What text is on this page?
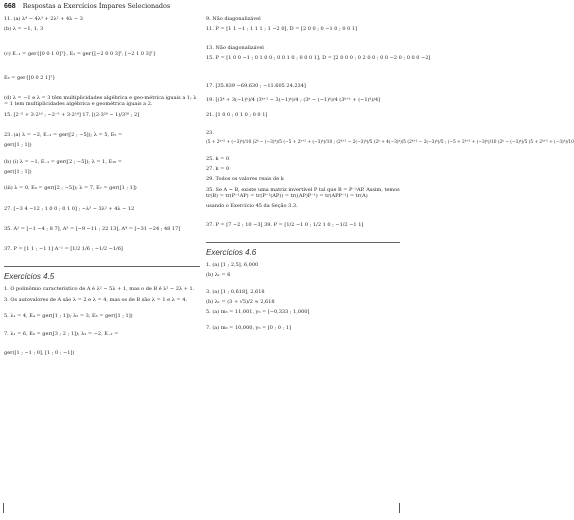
668 Respostas a Exercícios Ímpares Selecionados
11. (a) λ⁴ − 4λ³ + 2λ² + 4λ − 3
(b) λ = −1, 1, 3
(c) E₋₁ = ger{[0 0 1 0]ᵀ}, E₁ = ger{[−2 0 0 3]ᵀ, [−2 1 0 3]ᵀ}
E₃ = ger{[0 0 2 1]ᵀ}
(d) λ = −1 e λ = 3 têm multiplicidades algébrica e geo-métrica iguais a 1; λ = 1 tem multiplicidades algébrica e geométrica iguais a 2.
15. [2⁻⁵ + 3·2¹⁰ ; −2⁻⁵ + 3·2¹⁰] 17. [(2·3²⁰ − 1)/3²⁰ ; 2]
23. (a) λ = −2, E₋₂ = ger([2 ; −5]); λ = 5, E₅ =
ger([1 ; 1])
(b) (i) λ = −1, E₋₁ = ger([2 ; −5]); λ = 1, E₁₀ =
ger([1 ; 1])
(iii) λ = 0, E₀ = ger([2 ; −5]); λ = 7, E₇ = ger([1 ; 1])
27. [−3 4 −12 ; 1 0 0 ; 0 1 0] ; −λ³ − 3λ² + 4λ − 12
35. A² = [−1 −4 ; 8 7], A³ = [−9 −11 ; 22 13], A⁴ = [−31 −24 ; 48 17]
37. P = [1 1 ; −1 1] A⁻¹ = [1/2 1/6 ; −1/2 −1/6]
Exercícios 4.5
1. O polinômio característico de A é λ² − 5λ + 1, mas o de B é λ² − 2λ + 1.
3. Os autovalores de A são λ = 2 e λ = 4, mas os de B são λ = 1 e λ = 4.
5. λ₁ = 4, E₄ = ger([1 ; 1]); λ₂ = 3, E₃ = ger([1 ; 1])
7. λ₁ = 6, E₆ = ger([3 ; 2 ; 1]); λ₂ = −2, E₋₂ =
ger([1 ; −1 ; 0], [1 ; 0 ; −1])
9. Não diagonalizável
11. P = [1 1 −1 ; 1 1 1 ; 1 −2 0], D = [2 0 0 ; 0 −1 0 ; 0 0 1]
13. Não diagonalizável
15. P = [1 0 0 −1 ; 0 1 0 0 ; 0 0 1 0 ; 0 0 0 1], D = [2 0 0 0 ; 0 2 0 0 ; 0 0 −2 0 ; 0 0 0 −2]
17. [35.839 −69.630 ; −11.605 24.234]
19. [(3ᵏ + 3(−1)ᵏ)/4 (3ᵏ⁺¹ − 3(−1)ᵏ)/4 ; (3ᵏ − (−1)ᵏ)/4 (3ᵏ⁺¹ + (−1)ᵏ)/4]
21. [1 0 0 ; 0 1 0 ; 0 0 1]
23.
(5 + 2ᵏ⁺² + (−3)ᵏ)/10 (2ᵏ − (−3)ᵏ)/5 (−5 + 2ᵏ⁺² + (−3)ᵏ)/10 ; (2ᵏ⁺¹ − 2(−3)ᵏ)/5 (2ᵏ + 4(−3)ᵏ)/5 (2ᵏ⁺¹ − 2(−3)ᵏ)/5 ; (−5 + 2ᵏ⁺² + (−3)ᵏ)/10 (2ᵏ − (−3)ᵏ)/5 (5 + 2ᵏ⁺² + (−3)ᵏ)/10
25. k = 0
27. k = 0
29. Todos os valores reais de k
35. Se A ~ B, existe uma matriz invertível P tal que B = P⁻¹AP. Assim, temos tr(B) = tr(P⁻¹AP) = tr(P⁻¹(AP)) = tr((AP)P⁻¹) = tr(APP⁻¹) = tr(A)
usando o Exercício 45 da Seção 3.3.
37. P = [7 −2 ; 10 −3] 39. P = [1/2 −1 0 ; 1/2 1 0 ; −1/2 −1 1]
Exercícios 4.6
1. (a) [1 ; 2,5], 6,000
(b) λ₁ = 6
3. (a) [1 ; 0,618], 2,618
(b) λ₁ = (3 + √5)/2 ≈ 2,618
5. (a) m₅ = 11,001, y₅ = [−0,333 ; 1,000]
7. (a) m₆ = 10,000, y₅ = [0 ; 0 ; 1]
